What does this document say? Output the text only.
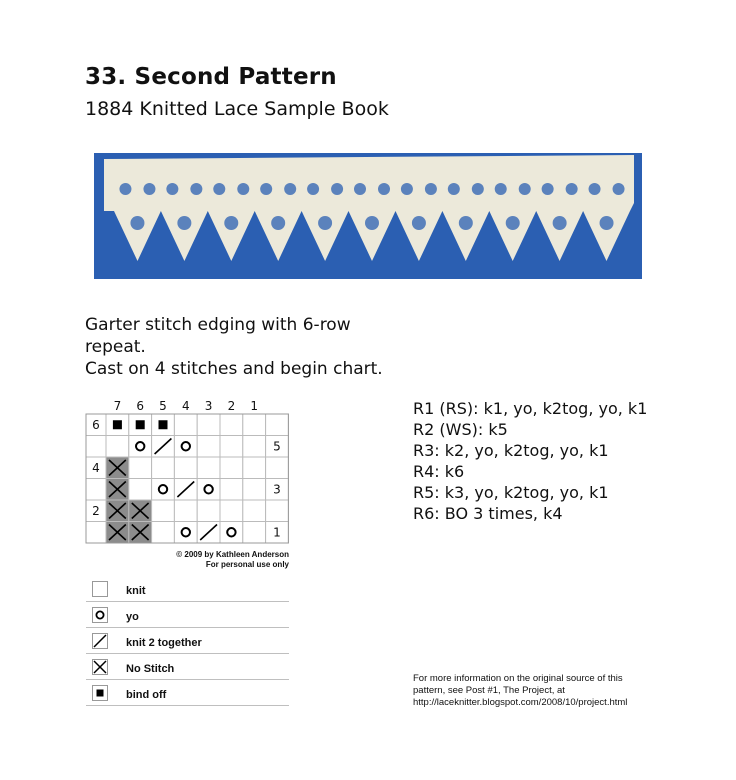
33. Second Pattern
1884 Knitted Lace Sample Book
Garter stitch edging with 6-row
repeat.
Cast on 4 stitches and begin chart.
7 6 5 4 3 2 1
6
4
2
5
3
1
© 2009 by Kathleen Anderson
For personal use only
knit
yo
knit 2 together
No Stitch
bind off
R1 (RS): k1, yo, k2tog, yo, k1
R2 (WS): k5
R3: k2, yo, k2tog, yo, k1
R4: k6
R5: k3, yo, k2tog, yo, k1
R6: BO 3 times, k4
For more information on the original source of this
pattern, see Post #1, The Project, at
http://laceknitter.blogspot.com/2008/10/project.html
